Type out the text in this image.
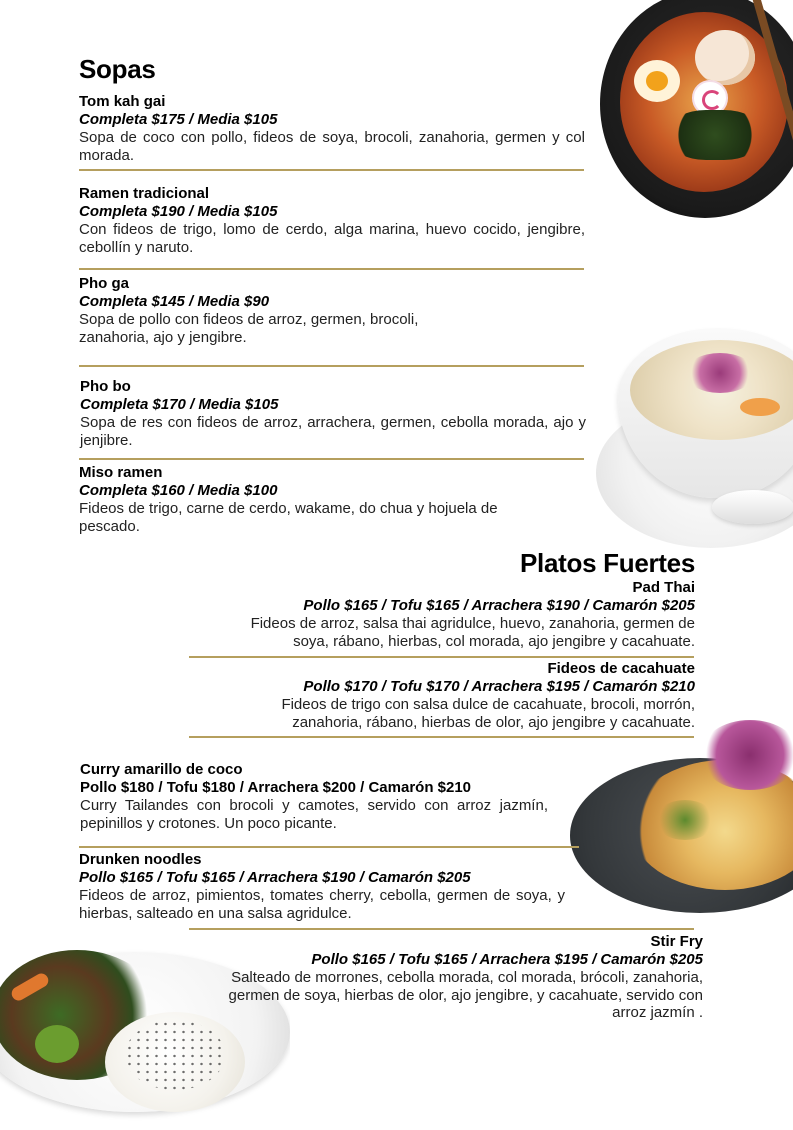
Sopas
Tom kah gai
Completa $175 / Media $105
Sopa de coco con pollo, fideos de soya, brocoli, zanahoria, germen y col morada.
Ramen tradicional
Completa $190 / Media $105
Con fideos de trigo, lomo de cerdo, alga marina, huevo cocido, jengibre, cebollín y naruto.
Pho ga
Completa $145 / Media $90
Sopa de pollo con fideos de arroz, germen, brocoli,
zanahoria, ajo y jengibre.
Pho bo
Completa $170 / Media $105
Sopa de res con fideos de arroz, arrachera, germen, cebolla morada, ajo y jenjibre.
Miso ramen
Completa $160 / Media $100
Fideos de trigo, carne de cerdo, wakame, do chua y hojuela de
pescado.
Platos Fuertes
Pad Thai
Pollo $165 / Tofu $165 / Arrachera $190 / Camarón $205
Fideos de arroz, salsa thai agridulce, huevo, zanahoria, germen de
soya, rábano, hierbas, col morada, ajo jengibre y cacahuate.
Fideos de cacahuate
Pollo $170 / Tofu $170 / Arrachera $195 / Camarón $210
Fideos de trigo con salsa dulce de cacahuate, brocoli, morrón,
zanahoria, rábano, hierbas de olor, ajo jengibre y cacahuate.
Curry amarillo de coco
Pollo $180 / Tofu $180 / Arrachera $200 / Camarón $210
Curry Tailandes con brocoli y camotes, servido con arroz jazmín, pepinillos y crotones. Un poco picante.
Drunken noodles
Pollo $165 / Tofu $165 / Arrachera $190 / Camarón $205
Fideos de arroz, pimientos, tomates cherry, cebolla, germen de soya, y hierbas, salteado en una salsa agridulce.
Stir Fry
Pollo $165 / Tofu $165 / Arrachera $195 / Camarón $205
Salteado de morrones, cebolla morada, col morada, brócoli, zanahoria,
germen de soya, hierbas de olor, ajo jengibre, y cacahuate, servido con
arroz jazmín .
